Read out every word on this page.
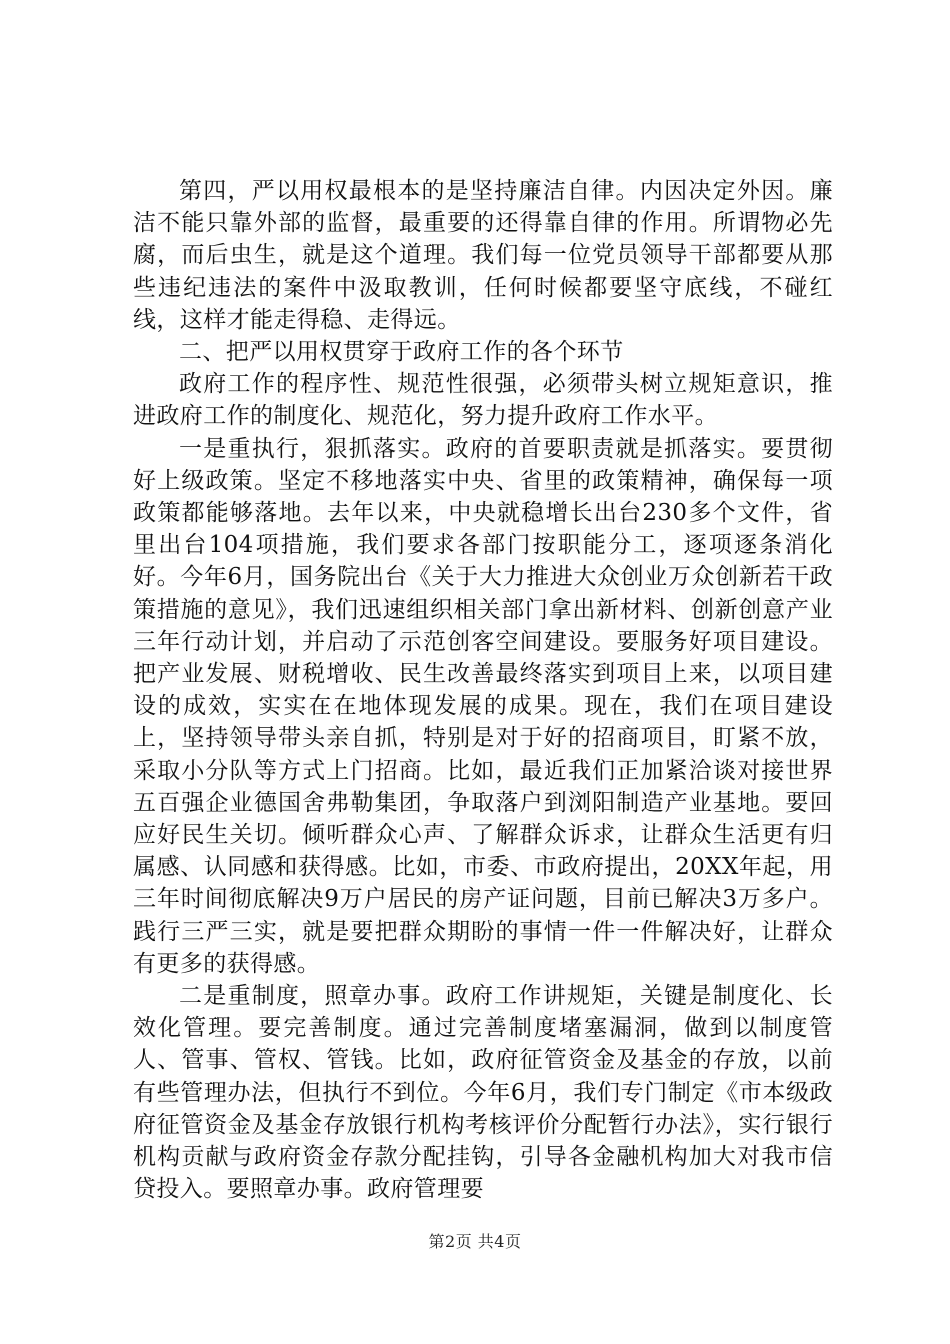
第四，严以用权最根本的是坚持廉洁自律。内因决定外因。廉洁不能只靠外部的监督，最重要的还得靠自律的作用。所谓物必先腐，而后虫生，就是这个道理。我们每一位党员领导干部都要从那些违纪违法的案件中汲取教训，任何时候都要坚守底线，不碰红线，这样才能走得稳、走得远。

二、把严以用权贯穿于政府工作的各个环节

政府工作的程序性、规范性很强，必须带头树立规矩意识，推进政府工作的制度化、规范化，努力提升政府工作水平。

一是重执行，狠抓落实。政府的首要职责就是抓落实。要贯彻好上级政策。坚定不移地落实中央、省里的政策精神，确保每一项政策都能够落地。去年以来，中央就稳增长出台230多个文件，省里出台104项措施，我们要求各部门按职能分工，逐项逐条消化好。今年6月，国务院出台《关于大力推进大众创业万众创新若干政策措施的意见》，我们迅速组织相关部门拿出新材料、创新创意产业三年行动计划，并启动了示范创客空间建设。要服务好项目建设。把产业发展、财税增收、民生改善最终落实到项目上来，以项目建设的成效，实实在在地体现发展的成果。现在，我们在项目建设上，坚持领导带头亲自抓，特别是对于好的招商项目，盯紧不放，采取小分队等方式上门招商。比如，最近我们正加紧洽谈对接世界五百强企业德国舍弗勒集团，争取落户到浏阳制造产业基地。要回应好民生关切。倾听群众心声、了解群众诉求，让群众生活更有归属感、认同感和获得感。比如，市委、市政府提出，20XX年起，用三年时间彻底解决9万户居民的房产证问题，目前已解决3万多户。践行三严三实，就是要把群众期盼的事情一件一件解决好，让群众有更多的获得感。

二是重制度，照章办事。政府工作讲规矩，关键是制度化、长效化管理。要完善制度。通过完善制度堵塞漏洞，做到以制度管人、管事、管权、管钱。比如，政府征管资金及基金的存放，以前有些管理办法，但执行不到位。今年6月，我们专门制定《市本级政府征管资金及基金存放银行机构考核评价分配暂行办法》，实行银行机构贡献与政府资金存款分配挂钩，引导各金融机构加大对我市信贷投入。要照章办事。政府管理要

第2页 共4页
